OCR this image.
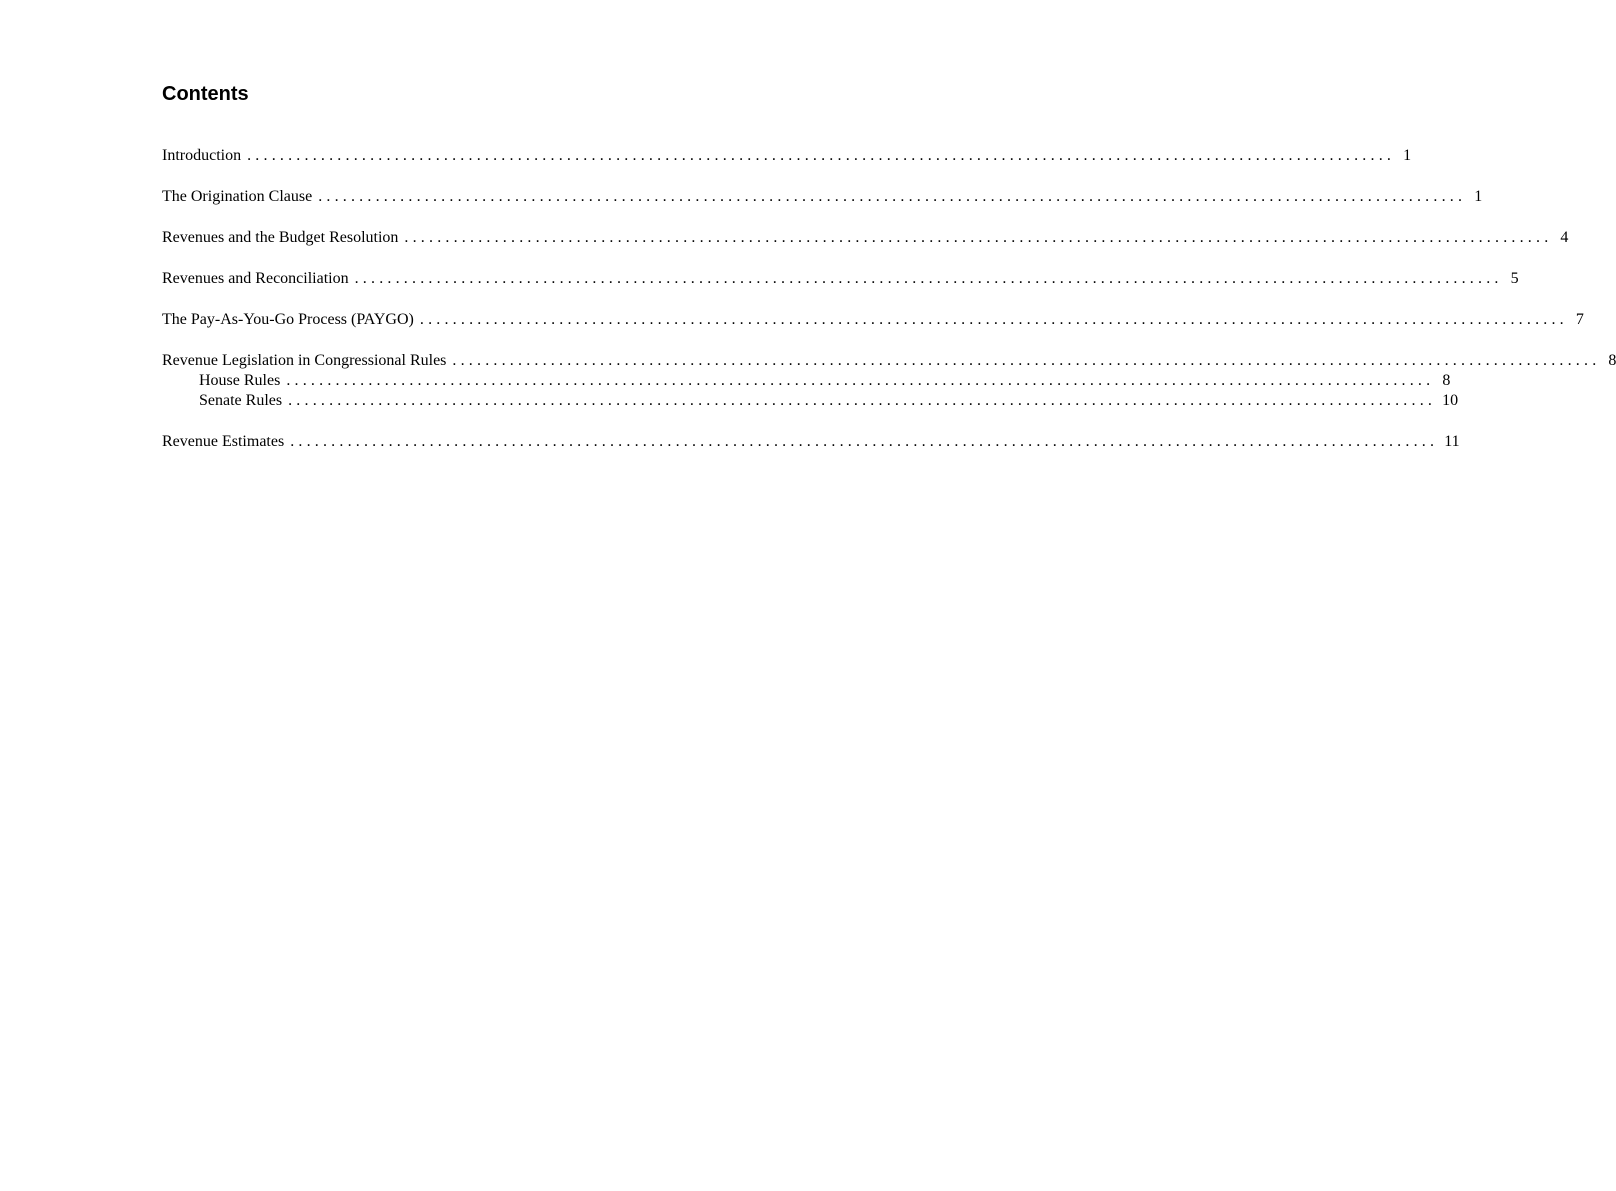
Contents
Introduction ............................................................................................................................................ 1
The Origination Clause ............................................................................................................................................ 1
Revenues and the Budget Resolution ............................................................................................................................................ 4
Revenues and Reconciliation ............................................................................................................................................ 5
The Pay-As-You-Go Process (PAYGO) ............................................................................................................................................ 7
Revenue Legislation in Congressional Rules ............................................................................................................................................ 8
House Rules ............................................................................................................................................ 8
Senate Rules ............................................................................................................................................ 10
Revenue Estimates ............................................................................................................................................ 11
